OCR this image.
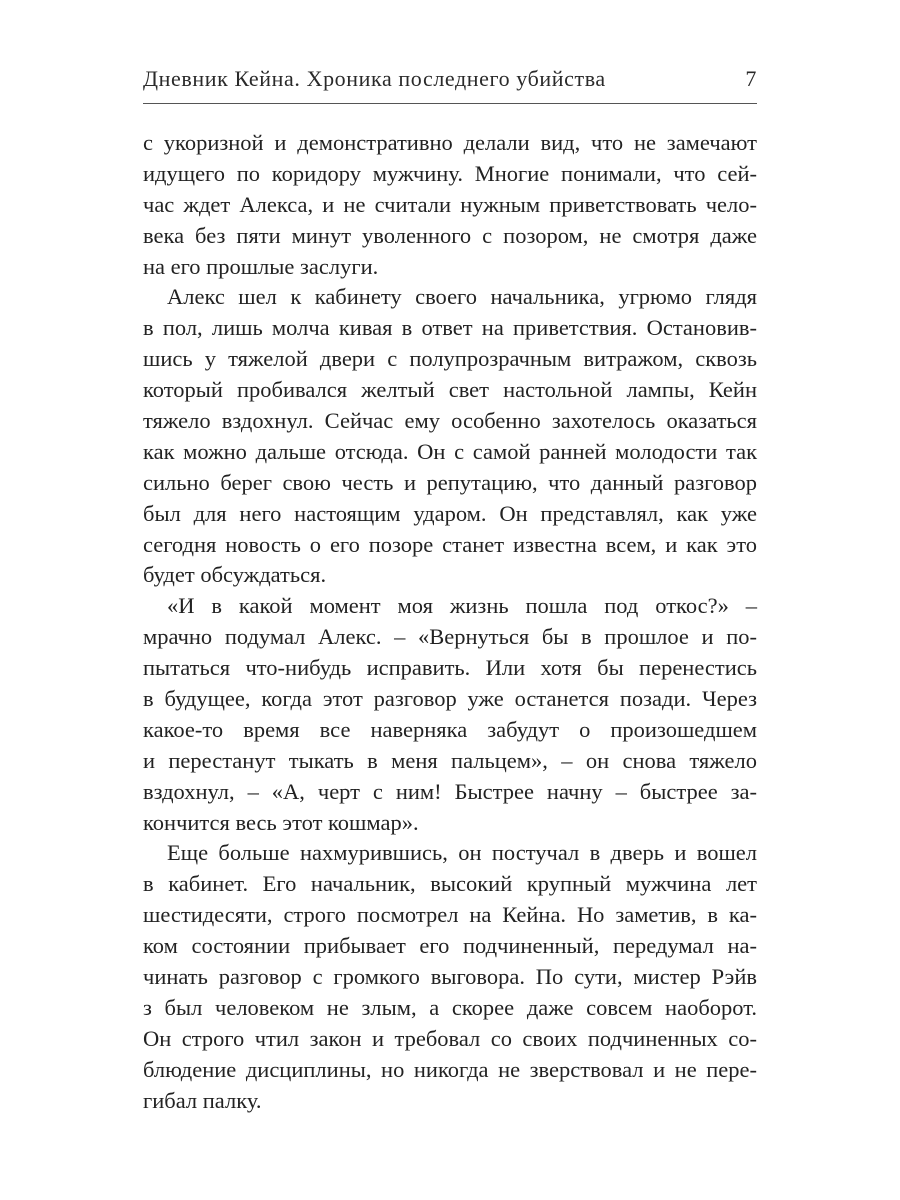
Дневник Кейна. Хроника последнего убийства	7
с укоризной и демонстративно делали вид, что не замечают
идущего по коридору мужчину. Многие понимали, что сей-
час ждет Алекса, и не считали нужным приветствовать чело-
века без пяти минут уволенного с позором, не смотря даже
на его прошлые заслуги.
Алекс шел к кабинету своего начальника, угрюмо глядя
в пол, лишь молча кивая в ответ на приветствия. Остановив-
шись у тяжелой двери с полупрозрачным витражом, сквозь
который пробивался желтый свет настольной лампы, Кейн
тяжело вздохнул. Сейчас ему особенно захотелось оказаться
как можно дальше отсюда. Он с самой ранней молодости так
сильно берег свою честь и репутацию, что данный разговор
был для него настоящим ударом. Он представлял, как уже
сегодня новость о его позоре станет известна всем, и как это
будет обсуждаться.
«И в какой момент моя жизнь пошла под откос?» –
мрачно подумал Алекс. – «Вернуться бы в прошлое и по-
пытаться что-нибудь исправить. Или хотя бы перенестись
в будущее, когда этот разговор уже останется позади. Через
какое-то время все наверняка забудут о произошедшем
и перестанут тыкать в меня пальцем», – он снова тяжело
вздохнул, – «А, черт с ним! Быстрее начну – быстрее за-
кончится весь этот кошмар».
Еще больше нахмурившись, он постучал в дверь и вошел
в кабинет. Его начальник, высокий крупный мужчина лет
шестидесяти, строго посмотрел на Кейна. Но заметив, в ка-
ком состоянии прибывает его подчиненный, передумал на-
чинать разговор с громкого выговора. По сути, мистер Рэйв
з был человеком не злым, а скорее даже совсем наоборот.
Он строго чтил закон и требовал со своих подчиненных со-
блюдение дисциплины, но никогда не зверствовал и не пере-
гибал палку.
